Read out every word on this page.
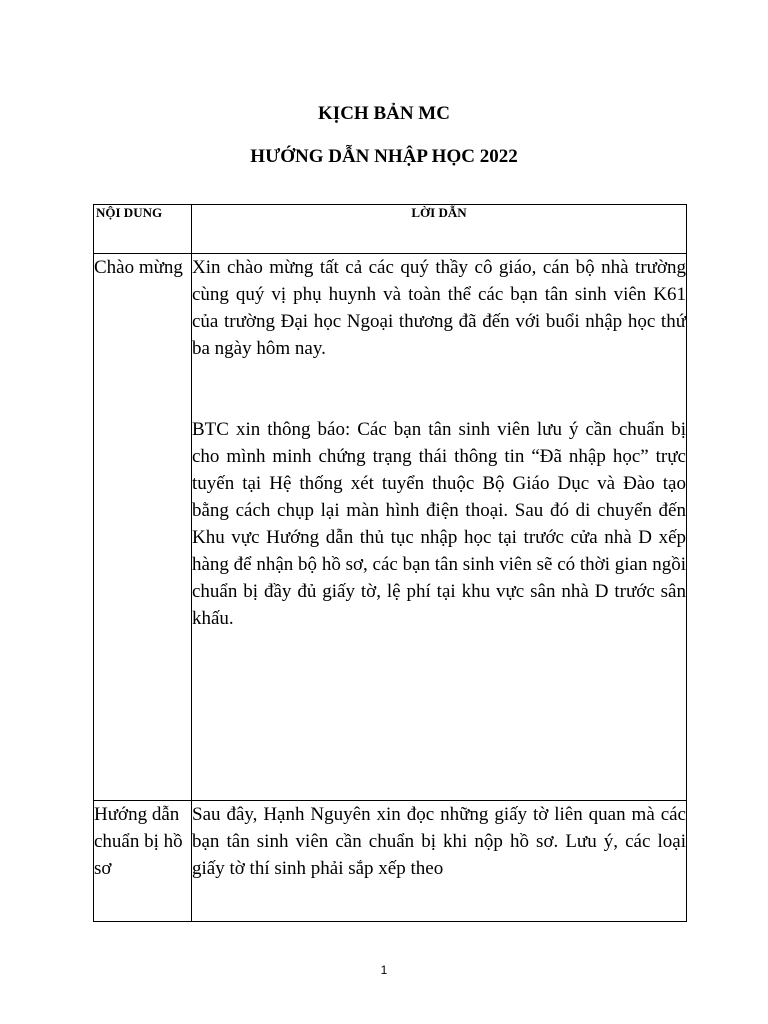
KỊCH BẢN MC
HƯỚNG DẪN NHẬP HỌC 2022
NỘI DUNG	LỜI DẪN
Chào mừng	Xin chào mừng tất cả các quý thầy cô giáo, cán bộ nhà trường cùng quý vị phụ huynh và toàn thể các bạn tân sinh viên K61 của trường Đại học Ngoại thương đã đến với buổi nhập học thứ ba ngày hôm nay.

BTC xin thông báo: Các bạn tân sinh viên lưu ý cần chuẩn bị cho mình minh chứng trạng thái thông tin “Đã nhập học” trực tuyến tại Hệ thống xét tuyển thuộc Bộ Giáo Dục và Đào tạo bằng cách chụp lại màn hình điện thoại. Sau đó di chuyển đến Khu vực Hướng dẫn thủ tục nhập học tại trước cửa nhà D xếp hàng để nhận bộ hồ sơ, các bạn tân sinh viên sẽ có thời gian ngồi chuẩn bị đầy đủ giấy tờ, lệ phí tại khu vực sân nhà D trước sân khấu.

Hướng dẫn chuẩn bị hồ sơ	Sau đây, Hạnh Nguyên xin đọc những giấy tờ liên quan mà các bạn tân sinh viên cần chuẩn bị khi nộp hồ sơ. Lưu ý, các loại giấy tờ thí sinh phải sắp xếp theo

1
